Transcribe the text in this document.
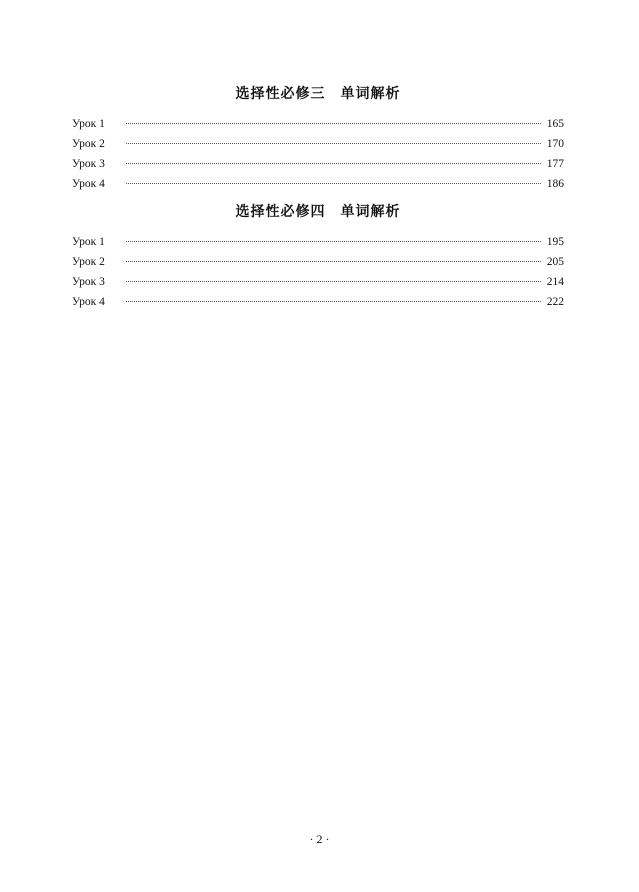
选择性必修三　单词解析
Урок 1	165
Урок 2	170
Урок 3	177
Урок 4	186
选择性必修四　单词解析
Урок 1	195
Урок 2	205
Урок 3	214
Урок 4	222
· 2 ·
